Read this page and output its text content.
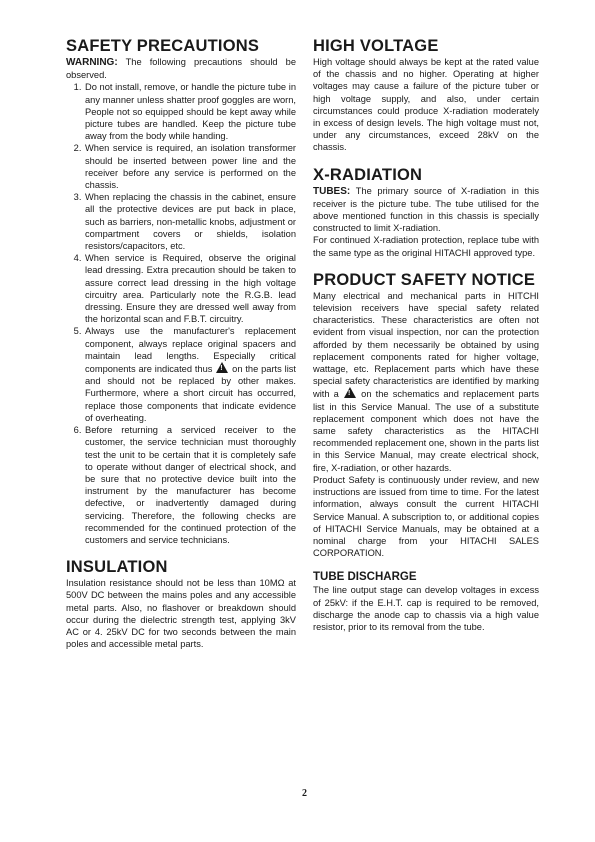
SAFETY PRECAUTIONS

WARNING: The following precautions should be observed.

1. Do not install, remove, or handle the picture tube in any manner unless shatter proof goggles are worn, People not so equipped should be kept away while picture tubes are handled. Keep the picture tube away from the body while handing.
2. When service is required, an isolation transformer should be inserted between power line and the receiver before any service is performed on the chassis.
3. When replacing the chassis in the cabinet, ensure all the protective devices are put back in place, such as barriers, non-metallic knobs, adjustment or compartment covers or shields, isolation resistors/capacitors, etc.
4. When service is Required, observe the original lead dressing. Extra precaution should be taken to assure correct lead dressing in the high voltage circuitry area. Particularly note the R.G.B. lead dressing. Ensure they are dressed well away from the horizontal scan and F.B.T. circuitry.
5. Always use the manufacturer's replacement component, always replace original spacers and maintain lead lengths. Especially critical components are indicated thus ! on the parts list and should not be replaced by other makes. Furthermore, where a short circuit has occurred, replace those components that indicate evidence of overheating.
6. Before returning a serviced receiver to the customer, the service technician must thoroughly test the unit to be certain that it is completely safe to operate without danger of electrical shock, and be sure that no protective device built into the instrument by the manufacturer has become defective, or inadvertently damaged during servicing. Therefore, the following checks are recommended for the continued protection of the customers and service technicians.
INSULATION

Insulation resistance should not be less than 10MΩ at 500V DC between the mains poles and any accessible metal parts. Also, no flashover or breakdown should occur during the dielectric strength test, applying 3kV AC or 4. 25kV DC for two seconds between the main poles and accessible metal parts.

HIGH VOLTAGE

High voltage should always be kept at the rated value of the chassis and no higher. Operating at higher voltages may cause a failure of the picture tuber or high voltage supply, and also, under certain circumstances could produce X-radiation moderately in excess of design levels. The high voltage must not, under any circumstances, exceed 28kV on the chassis.

X-RADIATION

TUBES: The primary source of X-radiation in this receiver is the picture tube. The tube utilised for the above mentioned function in this chassis is specially constructed to limit X-radiation.

For continued X-radiation protection, replace tube with the same type as the original HITACHI approved type.

PRODUCT SAFETY NOTICE

Many electrical and mechanical parts in HITCHI television receivers have special safety related characteristics. These characteristics are often not evident from visual inspection, nor can the protection afforded by them necessarily be obtained by using replacement components rated for higher voltage, wattage, etc. Replacement parts which have these special safety characteristics are identified by marking with a ! on the schematics and replacement parts list in this Service Manual. The use of a substitute replacement component which does not have the same safety characteristics as the HITACHI recommended replacement one, shown in the parts list in this Service Manual, may create electrical shock, fire, X-radiation, or other hazards.

Product Safety is continuously under review, and new instructions are issued from time to time. For the latest information, always consult the current HITACHI Service Manual. A subscription to, or additional copies of HITACHI Service Manuals, may be obtained at a nominal charge from your HITACHI SALES CORPORATION.

TUBE DISCHARGE

The line output stage can develop voltages in excess of 25kV: if the E.H.T. cap is required to be removed, discharge the anode cap to chassis via a high value resistor, prior to its removal from the tube.

2
